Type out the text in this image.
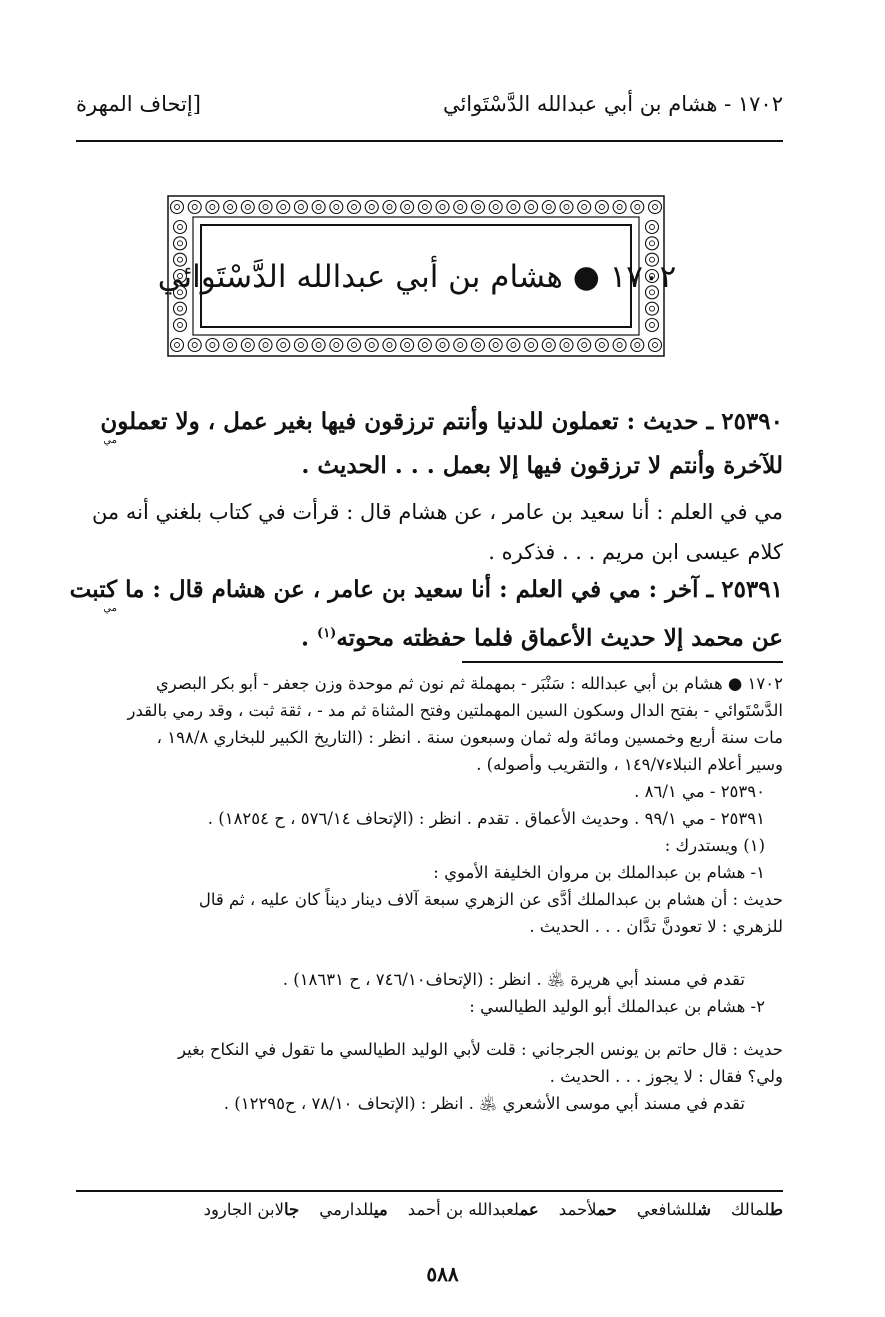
١٧٠٢ - هشام بن أبي عبدالله الدَّسْتَوائي
[إتحاف المهرة
١٧٠٢ ● هشام بن أبي عبدالله الدَّسْتَوائي
٢٥٣٩٠ ـ حديث : تعملون للدنيا وأنتم ترزقون فيها بغير عمل ، ولا تعملون
مي
للآخرة وأنتم لا ترزقون فيها إلا بعمل . . . الحديث .
مي في العلم : أنا سعيد بن عامر ، عن هشام قال : قرأت في كتاب بلغني أنه من
كلام عيسى ابن مريم . . . فذكره .
٢٥٣٩١ ـ آخر : مي في العلم : أنا سعيد بن عامر ، عن هشام قال : ما كتبت
مي
عن محمد إلا حديث الأعماق فلما حفظته محوته$^{(١)}$ .
١٧٠٢ ● هشام بن أبي عبدالله : سَنْبَر - بمهملة ثم نون ثم موحدة وزن جعفر - أبو بكر البصري
الدَّسْتَوائي - بفتح الدال وسكون السين المهملتين وفتح المثناة ثم مد - ، ثقة ثبت ، وقد رمي بالقدر
مات سنة أربع وخمسين ومائة وله ثمان وسبعون سنة . انظر : (التاريخ الكبير للبخاري ١٩٨/٨ ،
وسير أعلام النبلاء١٤٩/٧ ، والتقريب وأصوله) .
٢٥٣٩٠ - مي ٨٦/١ .
٢٥٣٩١ - مي ٩٩/١ . وحديث الأعماق . تقدم . انظر : (الإتحاف ٥٧٦/١٤ ، ح ١٨٢٥٤) .
(١) ويستدرك :
١- هشام بن عبدالملك بن مروان الخليفة الأموي :
حديث : أن هشام بن عبدالملك أدَّى عن الزهري سبعة آلاف دينار ديناً كان عليه ، ثم قال
للزهري : لا تعودنَّ تدَّان . . . الحديث .
تقدم في مسند أبي هريرة ﵁ . انظر : (الإتحاف٧٤٦/١٠ ، ح ١٨٦٣١) .
٢- هشام بن عبدالملك أبو الوليد الطيالسي :
حديث : قال حاتم بن يونس الجرجاني : قلت لأبي الوليد الطيالسي ما تقول في النكاح بغير
ولي؟ فقال : لا يجوز . . . الحديث .
تقدم في مسند أبي موسى الأشعري ﵁ . انظر : (الإتحاف ٧٨/١٠ ، ح١٢٢٩٥) .
طلمالكشللشافعيحملأحمدعملعبدالله بن أحمدميللدارميجالابن الجارود
٥٨٨
